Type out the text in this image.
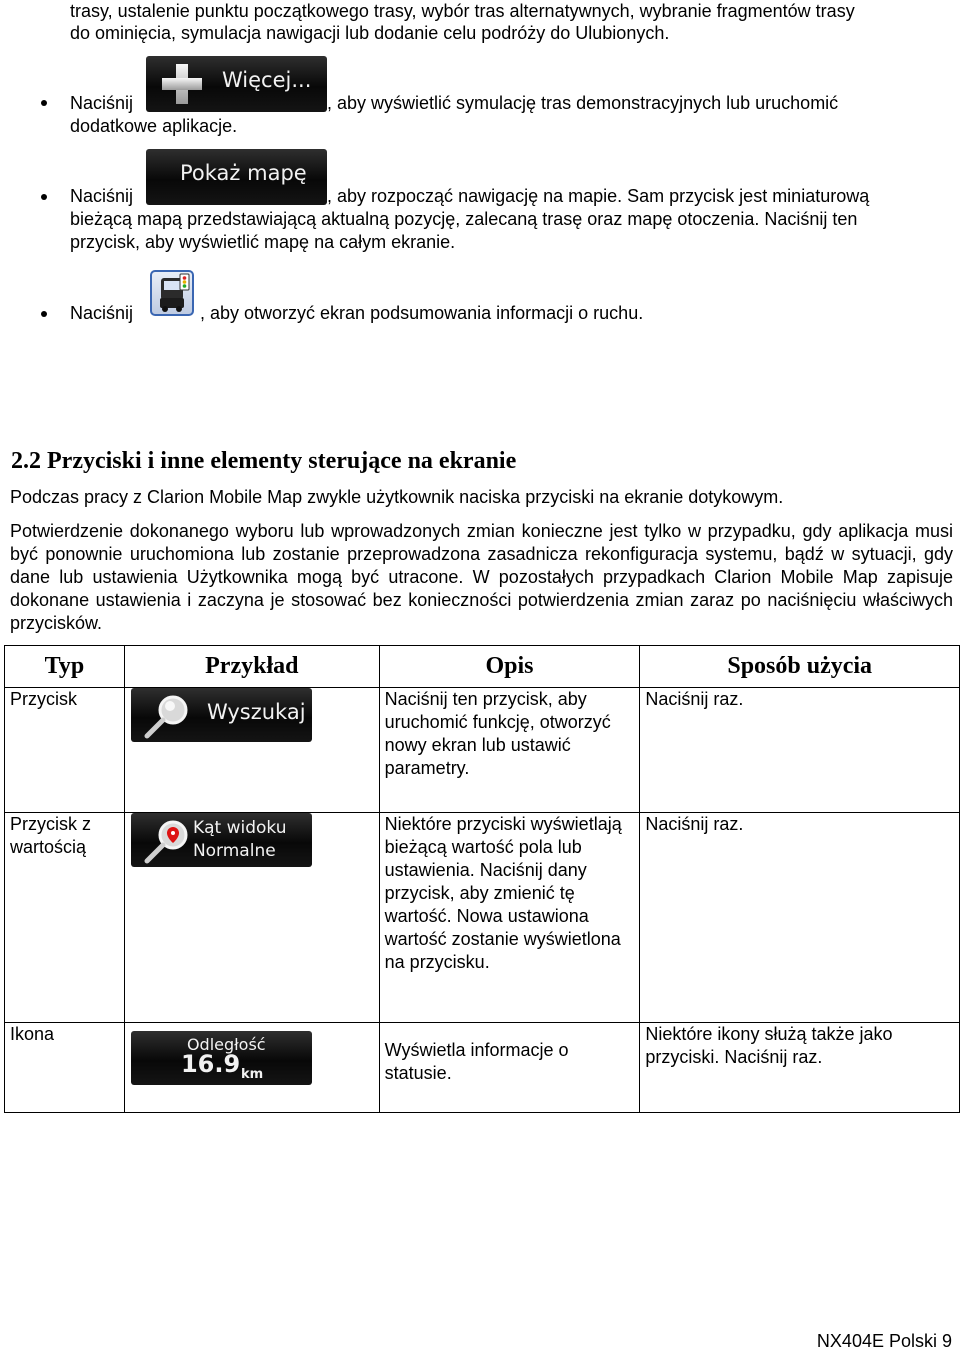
trasy, ustalenie punktu początkowego trasy, wybór tras alternatywnych, wybranie fragmentów trasy
do ominięcia, symulacja nawigacji lub dodanie celu podróży do Ulubionych.
Naciśnij
Więcej...
, aby wyświetlić symulację tras demonstracyjnych lub uruchomić
dodatkowe aplikacje.
Naciśnij
Pokaż mapę
, aby rozpocząć nawigację na mapie. Sam przycisk jest miniaturową
bieżącą mapą przedstawiającą aktualną pozycję, zalecaną trasę oraz mapę otoczenia. Naciśnij ten
przycisk, aby wyświetlić mapę na całym ekranie.
Naciśnij	, aby otworzyć ekran podsumowania informacji o ruchu.
2.2 Przyciski i inne elementy sterujące na ekranie
Podczas pracy z Clarion Mobile Map zwykle użytkownik naciska przyciski na ekranie dotykowym.
Potwierdzenie dokonanego wyboru lub wprowadzonych zmian konieczne jest tylko w przypadku, gdy aplikacja musi być ponownie uruchomiona lub zostanie przeprowadzona zasadnicza rekonfiguracja systemu, bądź w sytuacji, gdy dane lub ustawienia Użytkownika mogą być utracone. W pozostałych przypadkach Clarion Mobile Map zapisuje dokonane ustawienia i zaczyna je stosować bez konieczności potwierdzenia zmian zaraz po naciśnięciu właściwych przycisków.
Typ	Przykład	Opis	Sposób użycia
Przycisk	Wyszukaj	Naciśnij ten przycisk, aby uruchomić funkcję, otworzyć nowy ekran lub ustawić parametry.	Naciśnij raz.
Przycisk z wartością	Kąt widoku
Normalne	Niektóre przyciski wyświetlają bieżącą wartość pola lub ustawienia. Naciśnij dany przycisk, aby zmienić tę wartość. Nowa ustawiona wartość zostanie wyświetlona na przycisku.	Naciśnij raz.
Ikona	Odległość
16.9 km	Wyświetla informacje o statusie.	Niektóre ikony służą także jako przyciski. Naciśnij raz.
NX404E Polski 9
